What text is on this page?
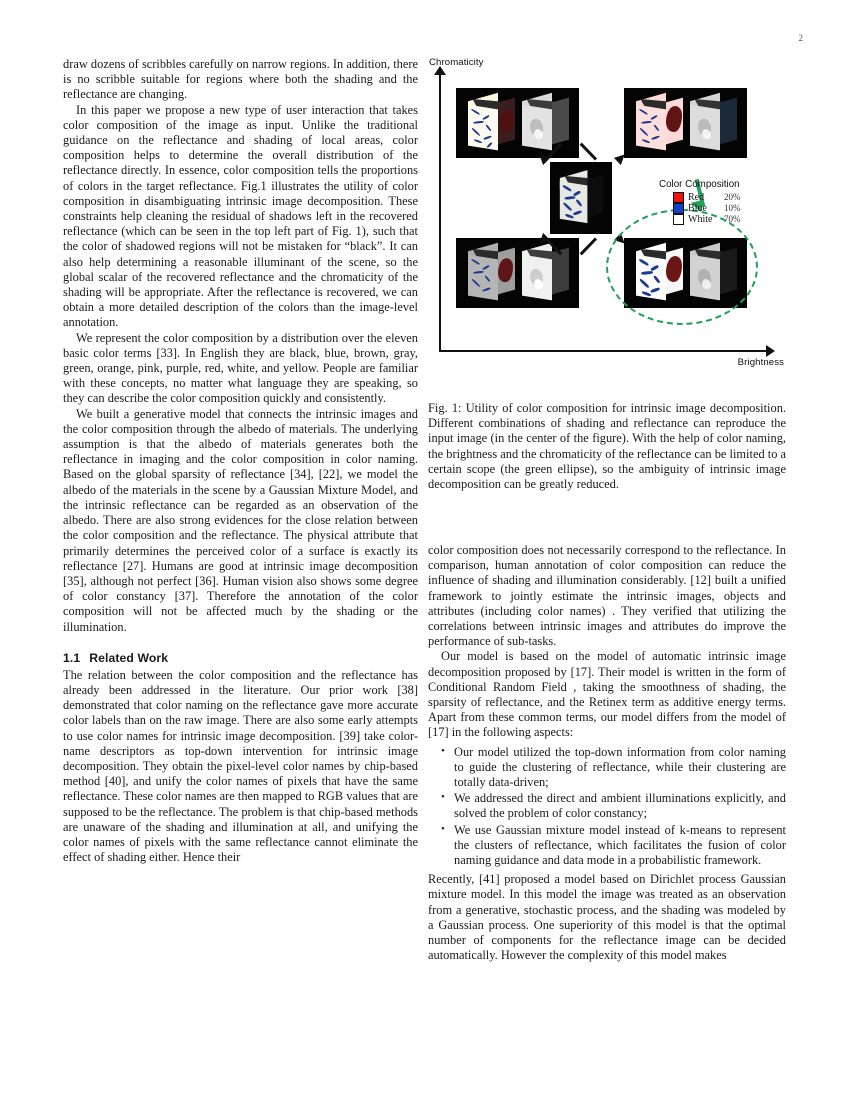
2

draw dozens of scribbles carefully on narrow regions. In addition, there is no scribble suitable for regions where both the shading and the reflectance are changing.

In this paper we propose a new type of user interaction that takes color composition of the image as input. Unlike the traditional guidance on the reflectance and shading of local areas, color composition helps to determine the overall distribution of the reflectance directly. In essence, color composition tells the proportions of colors in the target reflectance. Fig.1 illustrates the utility of color composition in disambiguating intrinsic image decomposition. These constraints help cleaning the residual of shadows left in the recovered reflectance (which can be seen in the top left part of Fig. 1), such that the color of shadowed regions will not be mistaken for “black”. It can also help determining a reasonable illuminant of the scene, so the global scalar of the recovered reflectance and the chromaticity of the shading will be appropriate. After the reflectance is recovered, we can obtain a more detailed description of the colors than the image-level annotation.

We represent the color composition by a distribution over the eleven basic color terms [33]. In English they are black, blue, brown, gray, green, orange, pink, purple, red, white, and yellow. People are familiar with these concepts, no matter what language they are speaking, so they can describe the color composition quickly and consistently.

We built a generative model that connects the intrinsic images and the color composition through the albedo of materials. The underlying assumption is that the albedo of materials generates both the reflectance in imaging and the color composition in color naming. Based on the global sparsity of reflectance [34], [22], we model the albedo of the materials in the scene by a Gaussian Mixture Model, and the intrinsic reflectance can be regarded as an observation of the albedo. There are also strong evidences for the close relation between the color composition and the reflectance. The physical attribute that primarily determines the perceived color of a surface is exactly its reflectance [27]. Humans are good at intrinsic image decomposition [35], although not perfect [36]. Human vision also shows some degree of color constancy [37]. Therefore the annotation of the color composition will not be affected much by the shading or the illumination.

1.1 Related Work

The relation between the color composition and the reflectance has already been addressed in the literature. Our prior work [38] demonstrated that color naming on the reflectance gave more accurate color labels than on the raw image. There are also some early attempts to use color names for intrinsic image decomposition. [39] take color-name descriptors as top-down intervention for intrinsic image decomposition. They obtain the pixel-level color names by chip-based method [40], and unify the color names of pixels that have the same reflectance. These color names are then mapped to RGB values that are supposed to be the reflectance. The problem is that chip-based methods are unaware of the shading and illumination at all, and unifying the color names of pixels with the same reflectance cannot eliminate the effect of shading either. Hence their

Chromaticity
Brightness
Color Composition
Red	20%
Blue	10%
White	70%

Fig. 1: Utility of color composition for intrinsic image decomposition. Different combinations of shading and reflectance can reproduce the input image (in the center of the figure). With the help of color naming, the brightness and the chromaticity of the reflectance can be limited to a certain scope (the green ellipse), so the ambiguity of intrinsic image decomposition can be greatly reduced.

color composition does not necessarily correspond to the reflectance. In comparison, human annotation of color composition can reduce the influence of shading and illumination considerably. [12] built a unified framework to jointly estimate the intrinsic images, objects and attributes (including color names) . They verified that utilizing the correlations between intrinsic images and attributes do improve the performance of sub-tasks.

Our model is based on the model of automatic intrinsic image decomposition proposed by [17]. Their model is written in the form of Conditional Random Field , taking the smoothness of shading, the sparsity of reflectance, and the Retinex term as additive energy terms. Apart from these common terms, our model differs from the model of [17] in the following aspects:

• Our model utilized the top-down information from color naming to guide the clustering of reflectance, while their clustering are totally data-driven;
• We addressed the direct and ambient illuminations explicitly, and solved the problem of color constancy;
• We use Gaussian mixture model instead of k-means to represent the clusters of reflectance, which facilitates the fusion of color naming guidance and data mode in a probabilistic framework.

Recently, [41] proposed a model based on Dirichlet process Gaussian mixture model. In this model the image was treated as an observation from a generative, stochastic process, and the shading was modeled by a Gaussian process. One superiority of this model is that the optimal number of components for the reflectance image can be decided automatically. However the complexity of this model makes
